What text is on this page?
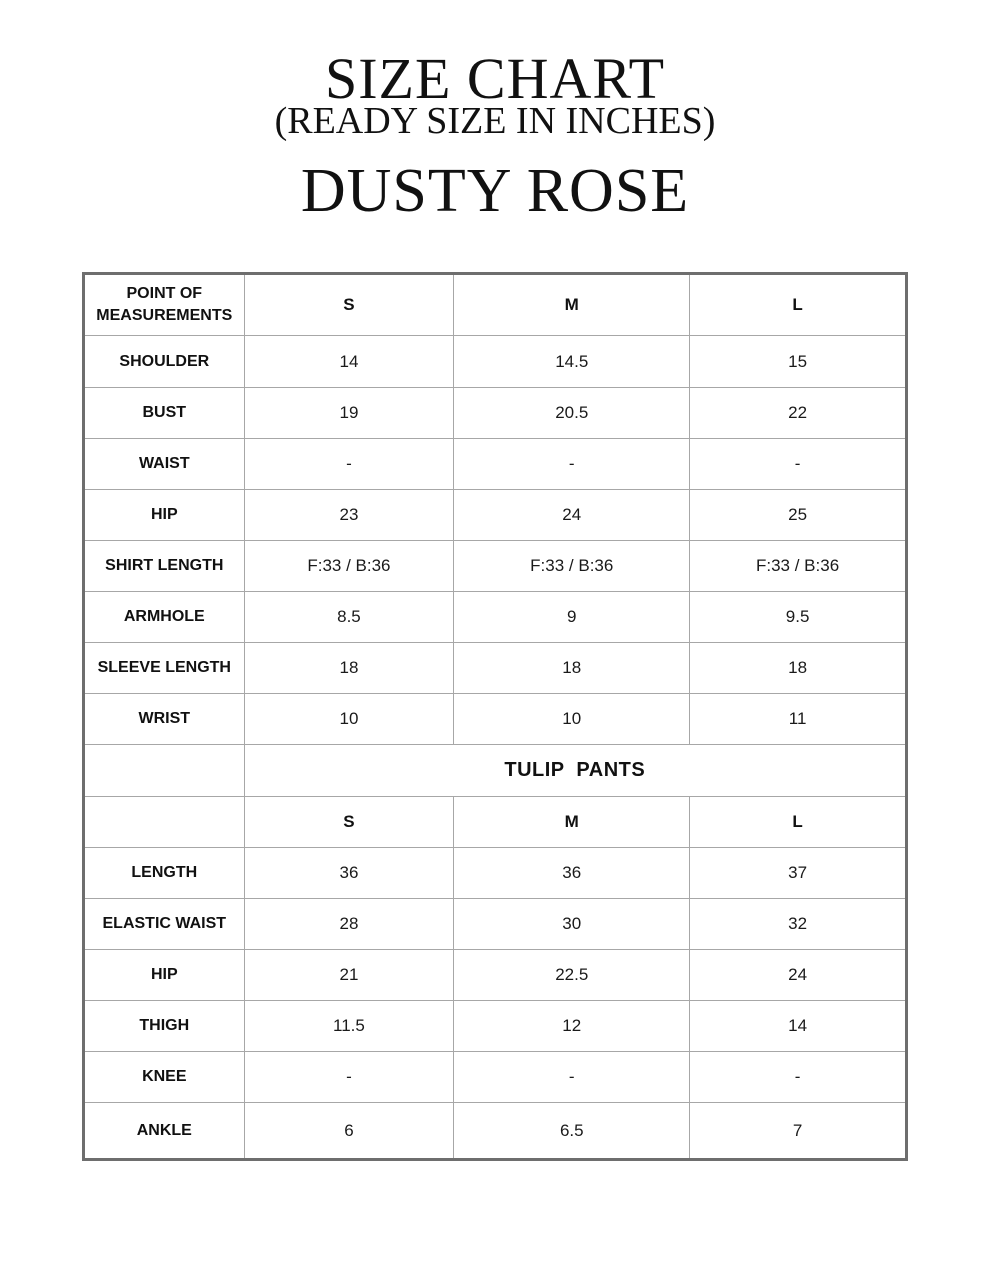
SIZE CHART
(READY SIZE IN INCHES)
DUSTY ROSE
POINT OF MEASUREMENTS	S	M	L
SHOULDER	14	14.5	15
BUST	19	20.5	22
WAIST	-	-	-
HIP	23	24	25
SHIRT LENGTH	F:33 / B:36	F:33 / B:36	F:33 / B:36
ARMHOLE	8.5	9	9.5
SLEEVE LENGTH	18	18	18
WRIST	10	10	11
	TULIP  PANTS		
	S	M	L
LENGTH	36	36	37
ELASTIC WAIST	28	30	32
HIP	21	22.5	24
THIGH	11.5	12	14
KNEE	-	-	-
ANKLE	6	6.5	7
